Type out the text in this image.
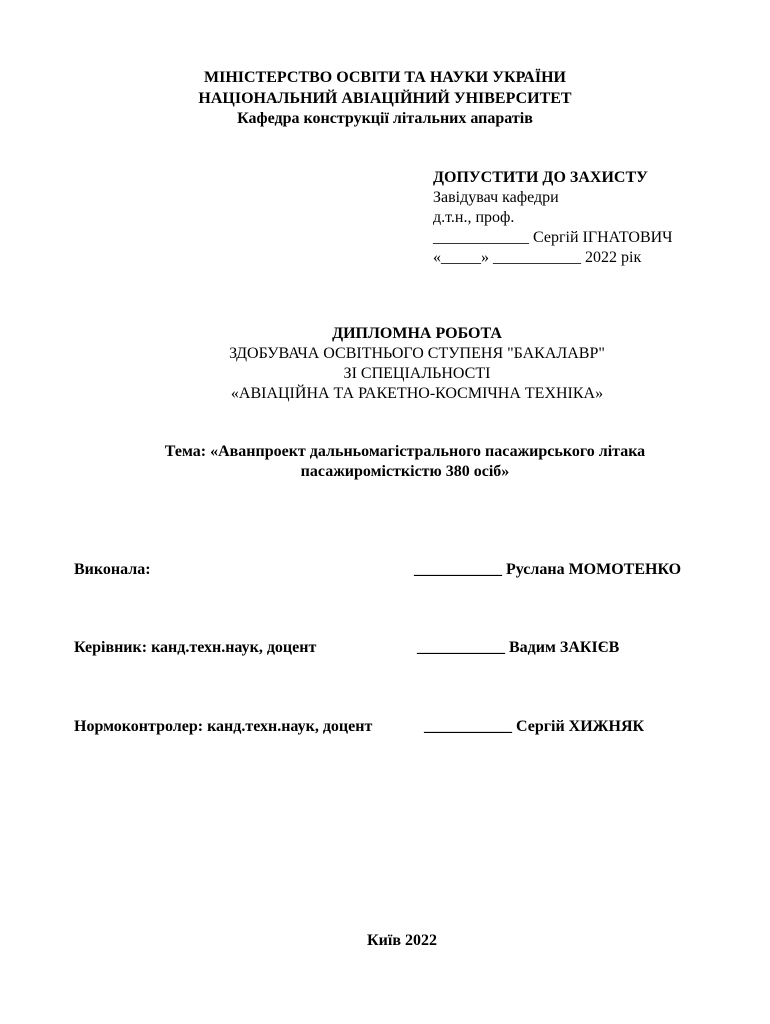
МІНІСТЕРСТВО ОСВІТИ ТА НАУКИ УКРАЇНИ
НАЦІОНАЛЬНИЙ АВІАЦІЙНИЙ УНІВЕРСИТЕТ
Кафедра конструкції літальних апаратів
ДОПУСТИТИ ДО ЗАХИСТУ
Завідувач кафедри
д.т.н., проф.
____________ Сергій ІГНАТОВИЧ
«_____» ___________ 2022 рік
ДИПЛОМНА РОБОТА
ЗДОБУВАЧА ОСВІТНЬОГО СТУПЕНЯ "БАКАЛАВР"
ЗІ СПЕЦІАЛЬНОСТІ
«АВІАЦІЙНА ТА РАКЕТНО-КОСМІЧНА ТЕХНІКА»
Тема: «Аванпроект дальньомагістрального пасажирського літака
пасажиромісткістю 380 осіб»
Виконала:	___________ Руслана МОМОТЕНКО
Керівник: канд.техн.наук, доцент	___________ Вадим ЗАКІЄВ
Нормоконтролер: канд.техн.наук, доцент	___________ Сергій ХИЖНЯК
Київ 2022
